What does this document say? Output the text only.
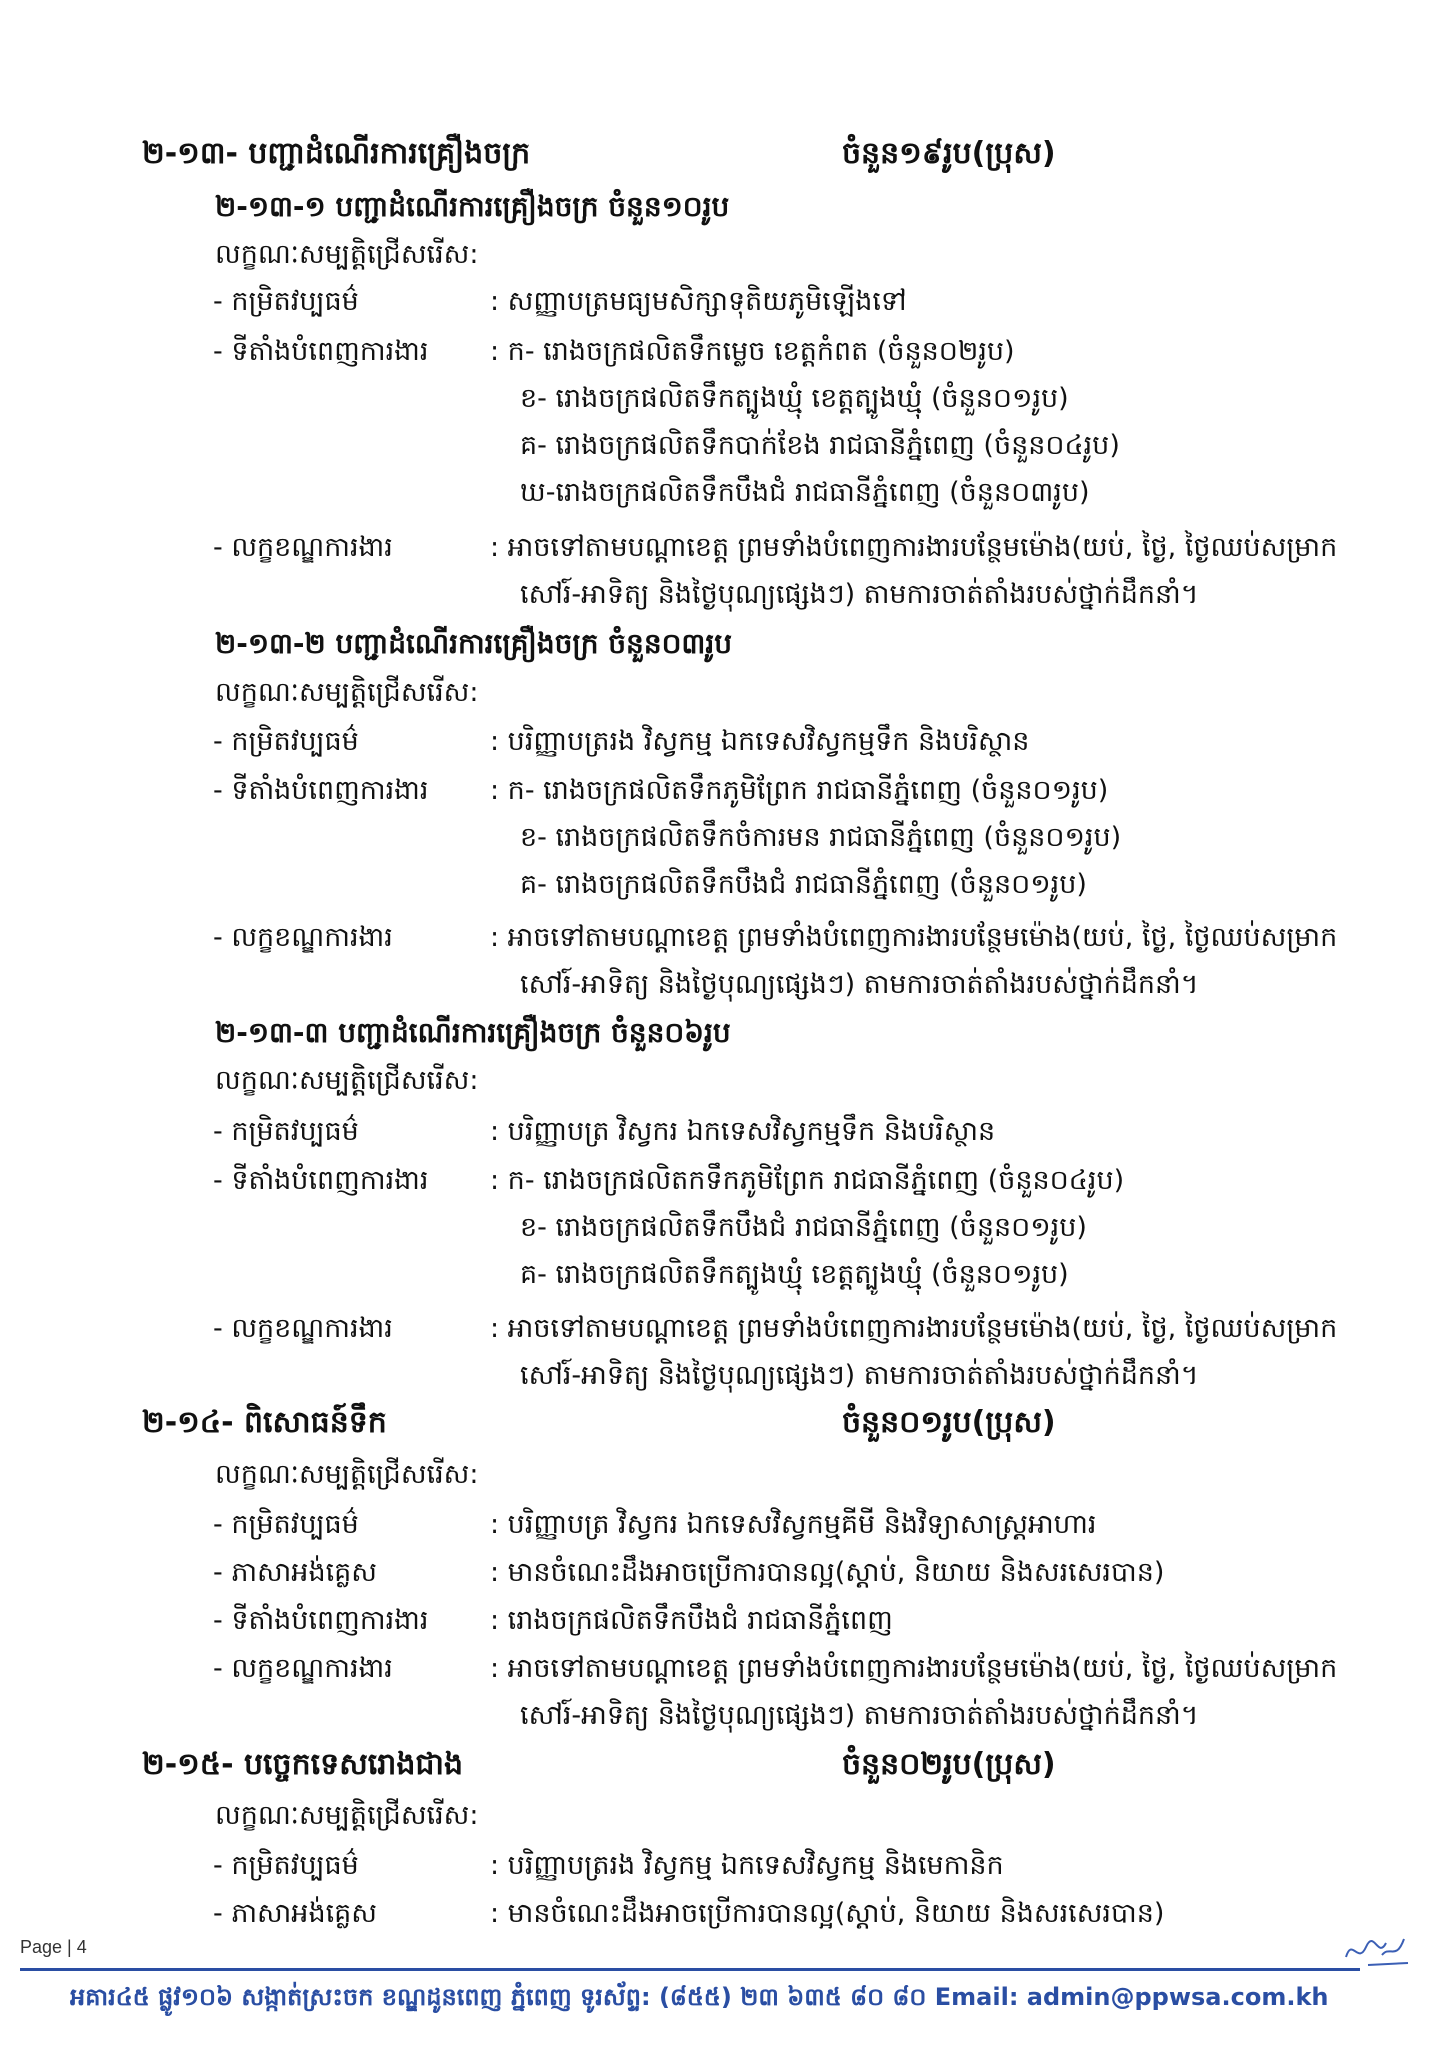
២-១៣- បញ្ជាដំណើរការគ្រឿងចក្រ	ចំនួន១៩រូប(ប្រុស)
២-១៣-១ បញ្ជាដំណើរការគ្រឿងចក្រ ចំនួន១០រូប
លក្ខណៈសម្បត្តិជ្រើសរើស:
- កម្រិតវប្បធម៌	: សញ្ញាបត្រមធ្យមសិក្សាទុតិយភូមិឡើងទៅ
- ទីតាំងបំពេញការងារ	: ក- រោងចក្រផលិតទឹកម្លេច ខេត្តកំពត (ចំនួន០២រូប)
ខ- រោងចក្រផលិតទឹកត្បូងឃ្មុំ ខេត្តត្បូងឃ្មុំ (ចំនួន០១រូប)
គ- រោងចក្រផលិតទឹកបាក់ខែង រាជធានីភ្នំពេញ (ចំនួន០៤រូប)
ឃ-រោងចក្រផលិតទឹកបឹងជំ រាជធានីភ្នំពេញ (ចំនួន០៣រូប)
- លក្ខខណ្ឌការងារ	: អាចទៅតាមបណ្តាខេត្ត ព្រមទាំងបំពេញការងារបន្ថែមម៉ោង(យប់, ថ្ងៃ, ថ្ងៃឈប់សម្រាក
សៅរ៍-អាទិត្យ និងថ្ងៃបុណ្យផ្សេងៗ) តាមការចាត់តាំងរបស់ថ្នាក់ដឹកនាំ។
២-១៣-២ បញ្ជាដំណើរការគ្រឿងចក្រ ចំនួន០៣រូប
លក្ខណៈសម្បត្តិជ្រើសរើស:
- កម្រិតវប្បធម៌	: បរិញ្ញាបត្ររង វិស្វកម្ម ឯកទេសវិស្វកម្មទឹក និងបរិស្ថាន
- ទីតាំងបំពេញការងារ	: ក- រោងចក្រផលិតទឹកភូមិព្រែក រាជធានីភ្នំពេញ (ចំនួន០១រូប)
ខ- រោងចក្រផលិតទឹកចំការមន រាជធានីភ្នំពេញ (ចំនួន០១រូប)
គ- រោងចក្រផលិតទឹកបឹងជំ រាជធានីភ្នំពេញ (ចំនួន០១រូប)
- លក្ខខណ្ឌការងារ	: អាចទៅតាមបណ្តាខេត្ត ព្រមទាំងបំពេញការងារបន្ថែមម៉ោង(យប់, ថ្ងៃ, ថ្ងៃឈប់សម្រាក
សៅរ៍-អាទិត្យ និងថ្ងៃបុណ្យផ្សេងៗ) តាមការចាត់តាំងរបស់ថ្នាក់ដឹកនាំ។
២-១៣-៣ បញ្ជាដំណើរការគ្រឿងចក្រ ចំនួន០៦រូប
លក្ខណៈសម្បត្តិជ្រើសរើស:
- កម្រិតវប្បធម៌	: បរិញ្ញាបត្រ វិស្វករ ឯកទេសវិស្វកម្មទឹក និងបរិស្ថាន
- ទីតាំងបំពេញការងារ	: ក- រោងចក្រផលិតកទឹកភូមិព្រែក រាជធានីភ្នំពេញ (ចំនួន០៤រូប)
ខ- រោងចក្រផលិតទឹកបឹងជំ រាជធានីភ្នំពេញ (ចំនួន០១រូប)
គ- រោងចក្រផលិតទឹកត្បូងឃ្មុំ ខេត្តត្បូងឃ្មុំ (ចំនួន០១រូប)
- លក្ខខណ្ឌការងារ	: អាចទៅតាមបណ្តាខេត្ត ព្រមទាំងបំពេញការងារបន្ថែមម៉ោង(យប់, ថ្ងៃ, ថ្ងៃឈប់សម្រាក
សៅរ៍-អាទិត្យ និងថ្ងៃបុណ្យផ្សេងៗ) តាមការចាត់តាំងរបស់ថ្នាក់ដឹកនាំ។
២-១៤- ពិសោធន៍ទឹក	ចំនួន០១រូប(ប្រុស)
លក្ខណៈសម្បត្តិជ្រើសរើស:
- កម្រិតវប្បធម៌	: បរិញ្ញាបត្រ វិស្វករ ឯកទេសវិស្វកម្មគីមី និងវិទ្យាសាស្រ្តអាហារ
- ភាសាអង់គ្លេស	: មានចំណេះដឹងអាចប្រើការបានល្អ(ស្តាប់, និយាយ និងសរសេរបាន)
- ទីតាំងបំពេញការងារ	: រោងចក្រផលិតទឹកបឹងជំ រាជធានីភ្នំពេញ
- លក្ខខណ្ឌការងារ	: អាចទៅតាមបណ្តាខេត្ត ព្រមទាំងបំពេញការងារបន្ថែមម៉ោង(យប់, ថ្ងៃ, ថ្ងៃឈប់សម្រាក
សៅរ៍-អាទិត្យ និងថ្ងៃបុណ្យផ្សេងៗ) តាមការចាត់តាំងរបស់ថ្នាក់ដឹកនាំ។
២-១៥- បច្ចេកទេសរោងជាង	ចំនួន០២រូប(ប្រុស)
លក្ខណៈសម្បត្តិជ្រើសរើស:
- កម្រិតវប្បធម៌	: បរិញ្ញាបត្ររង វិស្វកម្ម ឯកទេសវិស្វកម្ម និងមេកានិក
- ភាសាអង់គ្លេស	: មានចំណេះដឹងអាចប្រើការបានល្អ(ស្តាប់, និយាយ និងសរសេរបាន)
Page | 4
អគារ៤៥ ផ្លូវ១០៦ សង្កាត់ស្រះចក ខណ្ឌដូនពេញ ភ្នំពេញ ទូរស័ព្ទ: (៨៥៥) ២៣ ៦៣៥ ៨០ ៨០ Email: admin@ppwsa.com.kh
